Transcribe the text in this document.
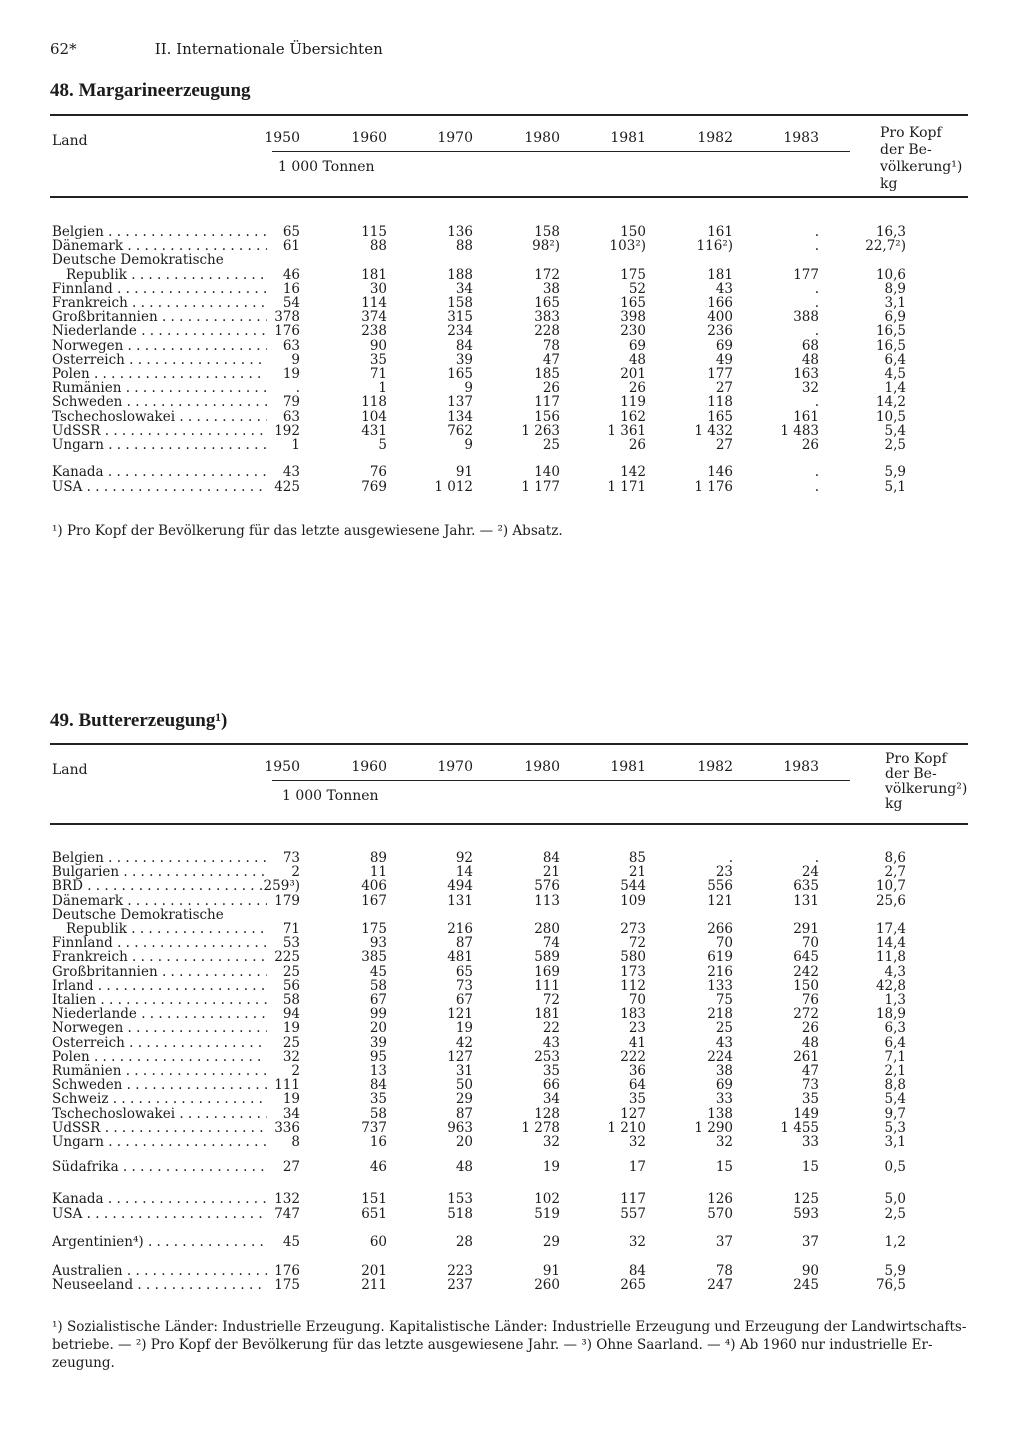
62*	II. Internationale Übersichten
48. Margarineerzeugung
Land
1 000 Tonnen
Pro Kopf
der Be-
völkerung¹)
kg
1950	1960	1970	1980	1981	1982	1983
Belgien . . .	65	115	136	158	150	161	.	16,3
Dänemark . . .	61	88	88	98²)	103²)	116²)	.	22,7²)
Deutsche Demokratische
Republik . . .	46	181	188	172	175	181	177	10,6
Finnland . . .	16	30	34	38	52	43	.	8,9
Frankreich . . .	54	114	158	165	165	166	.	3,1
Großbritannien . . .	378	374	315	383	398	400	388	6,9
Niederlande . . .	176	238	234	228	230	236	.	16,5
Norwegen . . .	63	90	84	78	69	69	68	16,5
Österreich . . .	9	35	39	47	48	49	48	6,4
Polen . . .	19	71	165	185	201	177	163	4,5
Rumänien . . .	.	1	9	26	26	27	32	1,4
Schweden . . .	79	118	137	117	119	118	.	14,2
Tschechoslowakei . . .	63	104	134	156	162	165	161	10,5
UdSSR . . .	192	431	762	1 263	1 361	1 432	1 483	5,4
Ungarn . . .	1	5	9	25	26	27	26	2,5
Kanada . . .	43	76	91	140	142	146	.	5,9
USA . . .	425	769	1 012	1 177	1 171	1 176	.	5,1
¹) Pro Kopf der Bevölkerung für das letzte ausgewiesene Jahr. — ²) Absatz.
49. Buttererzeugung¹)
Land
1 000 Tonnen
Pro Kopf
der Be-
völkerung²)
kg
1950	1960	1970	1980	1981	1982	1983
Belgien . . .	73	89	92	84	85	.	.	8,6
Bulgarien . . .	2	11	14	21	21	23	24	2,7
BRD . . .	259³)	406	494	576	544	556	635	10,7
Dänemark . . .	179	167	131	113	109	121	131	25,6
Deutsche Demokratische
Republik . . .	71	175	216	280	273	266	291	17,4
Finnland . . .	53	93	87	74	72	70	70	14,4
Frankreich . . .	225	385	481	589	580	619	645	11,8
Großbritannien . . .	25	45	65	169	173	216	242	4,3
Irland . . .	56	58	73	111	112	133	150	42,8
Italien . . .	58	67	67	72	70	75	76	1,3
Niederlande . . .	94	99	121	181	183	218	272	18,9
Norwegen . . .	19	20	19	22	23	25	26	6,3
Österreich . . .	25	39	42	43	41	43	48	6,4
Polen . . .	32	95	127	253	222	224	261	7,1
Rumänien . . .	2	13	31	35	36	38	47	2,1
Schweden . . .	111	84	50	66	64	69	73	8,8
Schweiz . . .	19	35	29	34	35	33	35	5,4
Tschechoslowakei . . .	34	58	87	128	127	138	149	9,7
UdSSR . . .	336	737	963	1 278	1 210	1 290	1 455	5,3
Ungarn . . .	8	16	20	32	32	32	33	3,1
Südafrika . . .	27	46	48	19	17	15	15	0,5
Kanada . . .	132	151	153	102	117	126	125	5,0
USA . . .	747	651	518	519	557	570	593	2,5
Argentinien⁴) . . .	45	60	28	29	32	37	37	1,2
Australien . . .	176	201	223	91	84	78	90	5,9
Neuseeland . . .	175	211	237	260	265	247	245	76,5
¹) Sozialistische Länder: Industrielle Erzeugung. Kapitalistische Länder: Industrielle Erzeugung und Erzeugung der Landwirtschafts-
betriebe. — ²) Pro Kopf der Bevölkerung für das letzte ausgewiesene Jahr. — ³) Ohne Saarland. — ⁴) Ab 1960 nur industrielle Er-
zeugung.
